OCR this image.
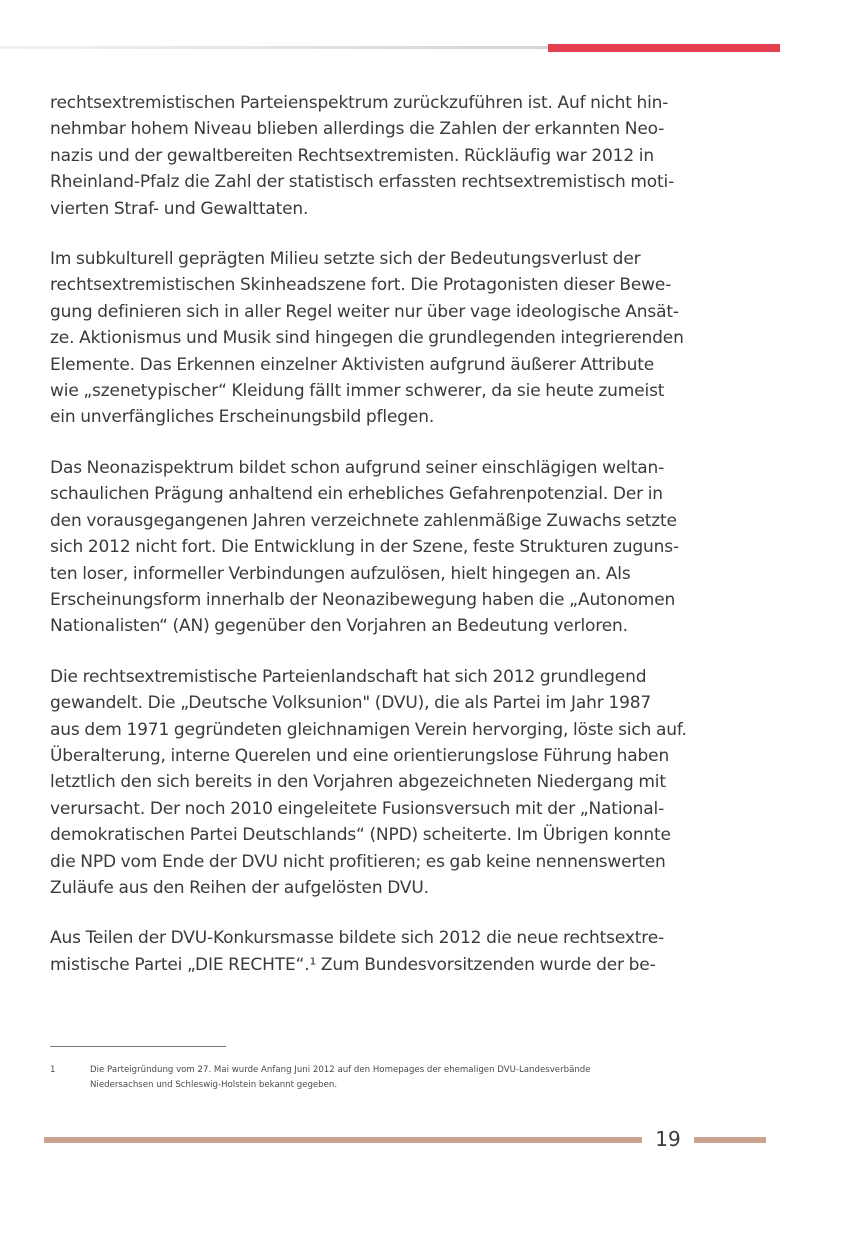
rechtsextremistischen Parteienspektrum zurückzuführen ist. Auf nicht hin-
nehmbar hohem Niveau blieben allerdings die Zahlen der erkannten Neo-
nazis und der gewaltbereiten Rechtsextremisten. Rückläufig war 2012 in
Rheinland-Pfalz die Zahl der statistisch erfassten rechtsextremistisch moti-
vierten Straf- und Gewalttaten.

Im subkulturell geprägten Milieu setzte sich der Bedeutungsverlust der
rechtsextremistischen Skinheadszene fort. Die Protagonisten dieser Bewe-
gung definieren sich in aller Regel weiter nur über vage ideologische Ansät-
ze. Aktionismus und Musik sind hingegen die grundlegenden integrierenden
Elemente. Das Erkennen einzelner Aktivisten aufgrund äußerer Attribute
wie „szenetypischer“ Kleidung fällt immer schwerer, da sie heute zumeist
ein unverfängliches Erscheinungsbild pflegen.

Das Neonazispektrum bildet schon aufgrund seiner einschlägigen weltan-
schaulichen Prägung anhaltend ein erhebliches Gefahrenpotenzial. Der in
den vorausgegangenen Jahren verzeichnete zahlenmäßige Zuwachs setzte
sich 2012 nicht fort. Die Entwicklung in der Szene, feste Strukturen zuguns-
ten loser, informeller Verbindungen aufzulösen, hielt hingegen an. Als
Erscheinungsform innerhalb der Neonazibewegung haben die „Autonomen
Nationalisten“ (AN) gegenüber den Vorjahren an Bedeutung verloren.

Die rechtsextremistische Parteienlandschaft hat sich 2012 grundlegend
gewandelt. Die „Deutsche Volksunion" (DVU), die als Partei im Jahr 1987
aus dem 1971 gegründeten gleichnamigen Verein hervorging, löste sich auf.
Überalterung, interne Querelen und eine orientierungslose Führung haben
letztlich den sich bereits in den Vorjahren abgezeichneten Niedergang mit
verursacht. Der noch 2010 eingeleitete Fusionsversuch mit der „National-
demokratischen Partei Deutschlands“ (NPD) scheiterte. Im Übrigen konnte
die NPD vom Ende der DVU nicht profitieren; es gab keine nennenswerten
Zuläufe aus den Reihen der aufgelösten DVU.

Aus Teilen der DVU-Konkursmasse bildete sich 2012 die neue rechtsextre-
mistische Partei „DIE RECHTE“.¹ Zum Bundesvorsitzenden wurde der be-

1	Die Parteigründung vom 27. Mai wurde Anfang Juni 2012 auf den Homepages der ehemaligen DVU-Landesverbände
Niedersachsen und Schleswig-Holstein bekannt gegeben.
19
